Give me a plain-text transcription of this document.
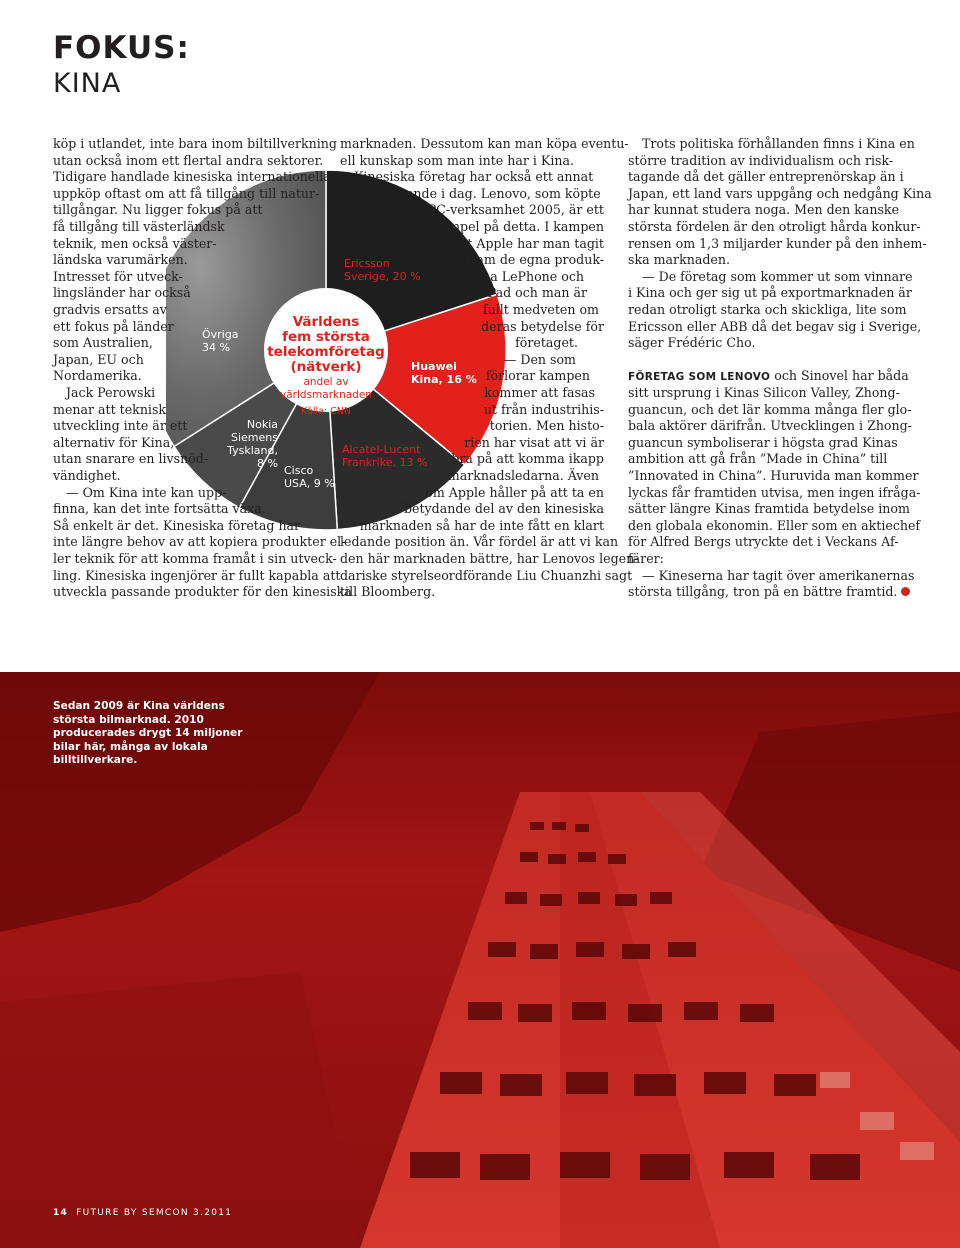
FOKUS:
KINA
Världens
fem största
telekomföretag
(nätverk)
andel av
världsmarknaden
Källa: CNN
Ericsson
Sverige, 20 %
Huawei
Kina, 16 %
Alcatel-Lucent
Frankrike, 13 %
Cisco
USA, 9 %
Nokia
Siemens
Tyskland,
8 %
Övriga
34 %
köp i utlandet, inte bara inom biltillverkning
utan också inom ett flertal andra sektorer.
Tidigare handlade kinesiska internationella
uppköp oftast om att få tillgång till natur-
tillgångar. Nu ligger fokus på att
få tillgång till västerländsk
teknik, men också väster-
ländska varumärken.
Intresset för utveck-
lingsländer har också
gradvis ersatts av
ett fokus på länder
som Australien,
Japan, EU och
Nordamerika.
Jack Perowski
menar att teknisk
utveckling inte är ett
alternativ för Kina,
utan snarare en livsnöd-
vändighet.
— Om Kina inte kan upp-
finna, kan det inte fortsätta växa.
Så enkelt är det. Kinesiska företag har
inte längre behov av att kopiera produkter el-
ler teknik för att komma framåt i sin utveck-
ling. Kinesiska ingenjörer är fullt kapabla att
utveckla passande produkter för den kinesiska
marknaden. Dessutom kan man köpa eventu-
ell kunskap som man inte har i Kina.
Kinesiska företag har också ett annat
självförtroende i dag. Lenovo, som köpte
IBM:s PC-verksamhet 2005, är ett
exempel på detta. I kampen
mot Apple har man tagit
fram de egna produk-
terna LePhone och
LePad och man är
fullt medveten om
deras betydelse för
företaget.
— Den som
förlorar kampen
kommer att fasas
ut från industrihis-
torien. Men histo-
rien har visat att vi är
bra på att komma ikapp
marknadsledarna. Även
om Apple håller på att ta en
betydande del av den kinesiska
marknaden så har de inte fått en klart
ledande position än. Vår fördel är att vi kan
den här marknaden bättre, har Lenovos legen-
dariske styrelseordförande Liu Chuanzhi sagt
till Bloomberg.
Trots politiska förhållanden finns i Kina en
större tradition av individualism och risk-
tagande då det gäller entreprenörskap än i
Japan, ett land vars uppgång och nedgång Kina
har kunnat studera noga. Men den kanske
största fördelen är den otroligt hårda konkur-
rensen om 1,3 miljarder kunder på den inhem-
ska marknaden.
— De företag som kommer ut som vinnare
i Kina och ger sig ut på exportmarknaden är
redan otroligt starka och skickliga, lite som
Ericsson eller ABB då det begav sig i Sverige,
säger Frédéric Cho.
FÖRETAG SOM LENOVO och Sinovel har båda
sitt ursprung i Kinas Silicon Valley, Zhong-
guancun, och det lär komma många fler glo-
bala aktörer därifrån. Utvecklingen i Zhong-
guancun symboliserar i högsta grad Kinas
ambition att gå från ”Made in China” till
”Innovated in China”. Huruvida man kommer
lyckas får framtiden utvisa, men ingen ifråga-
sätter längre Kinas framtida betydelse inom
den globala ekonomin. Eller som en aktiechef
för Alfred Bergs utryckte det i Veckans Af-
färer:
— Kineserna har tagit över amerikanernas
största tillgång, tron på en bättre framtid.
Sedan 2009 är Kina världens största bilmarknad. 2010 producerades drygt 14 miljoner bilar här, många av lokala billtillverkare.
14 FUTURE BY SEMCON 3.2011
